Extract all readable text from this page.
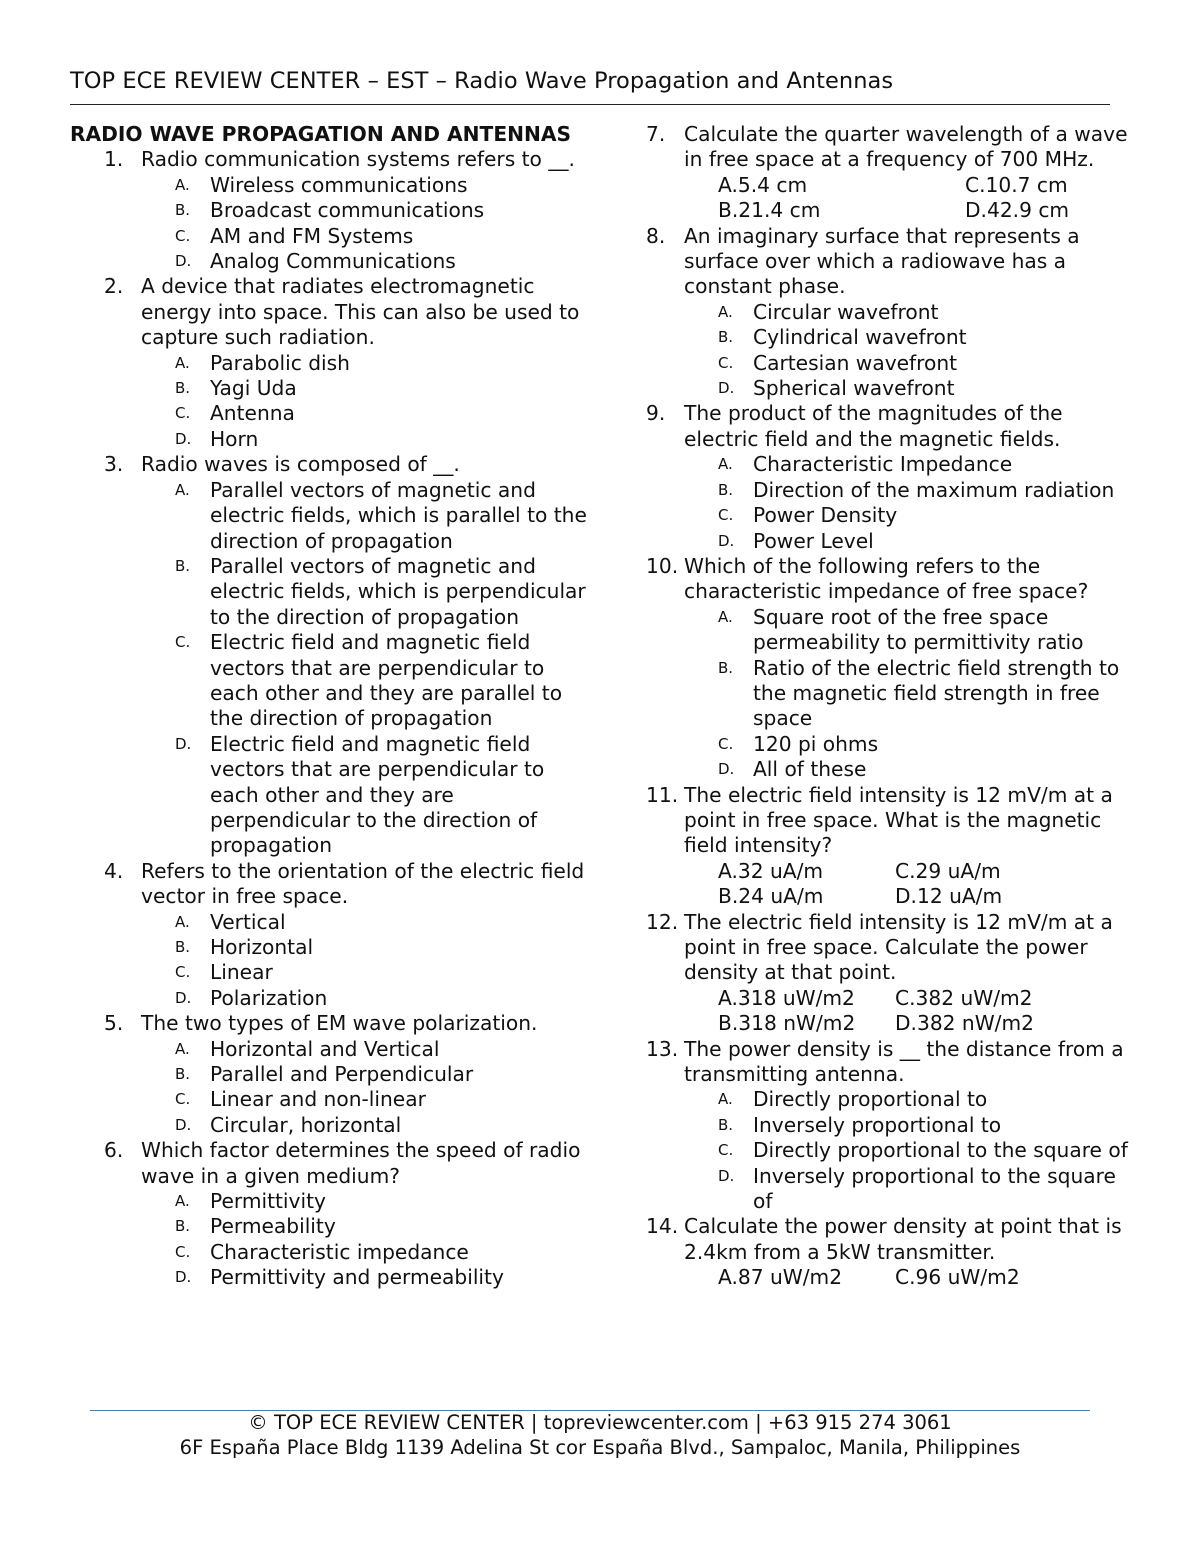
TOP ECE REVIEW CENTER – EST – Radio Wave Propagation and Antennas
RADIO WAVE PROPAGATION AND ANTENNAS
1. Radio communication systems refers to __.
A.	Wireless communications
B. Broadcast communications
C. AM and FM Systems
D. Analog Communications
2. A device that radiates electromagnetic energy into space. This can also be used to capture such radiation.
A.	Parabolic dish
B. Yagi Uda
C. Antenna
D. Horn
3. Radio waves is composed of __.
A.	Parallel vectors of magnetic and electric fields, which is parallel to the direction of propagation
B. Parallel vectors of magnetic and electric fields, which is perpendicular to the direction of propagation
C. Electric field and magnetic field vectors that are perpendicular to each other and they are parallel to the direction of propagation
D. Electric field and magnetic field vectors that are perpendicular to each other and they are perpendicular to the direction of propagation
4. Refers to the orientation of the electric field vector in free space.
A.	Vertical
B. Horizontal
C. Linear
D. Polarization
5. The two types of EM wave polarization.
A.	Horizontal and Vertical
B. Parallel and Perpendicular
C. Linear and non-linear
D. Circular, horizontal
6. Which factor determines the speed of radio wave in a given medium?
A.	Permittivity
B. Permeability
C. Characteristic impedance
D. Permittivity and permeability
7. Calculate the quarter wavelength of a wave in free space at a frequency of 700 MHz.
A. 5.4 cm	C. 10.7 cm
B. 21.4 cm	D. 42.9 cm
8. An imaginary surface that represents a surface over which a radiowave has a constant phase.
A.	Circular wavefront
B. Cylindrical wavefront
C. Cartesian wavefront
D. Spherical wavefront
9. The product of the magnitudes of the electric field and the magnetic fields.
A.	Characteristic Impedance
B. Direction of the maximum radiation
C. Power Density
D. Power Level
10. Which of the following refers to the characteristic impedance of free space?
A.	Square root of the free space permeability to permittivity ratio
B. Ratio of the electric field strength to the magnetic field strength in free space
C. 120 pi ohms
D. All of these
11. The electric field intensity is 12 mV/m at a point in free space. What is the magnetic field intensity?
A. 32 uA/m	C. 29 uA/m
B. 24 uA/m	D. 12 uA/m
12. The electric field intensity is 12 mV/m at a point in free space. Calculate the power density at that point.
A. 318 uW/m2 C. 382 uW/m2
B. 318 nW/m2 D. 382 nW/m2
13. The power density is __ the distance from a transmitting antenna.
A.	Directly proportional to
B. Inversely proportional to
C. Directly proportional to the square of
D. Inversely proportional to the square of
14. Calculate the power density at point that is 2.4km from a 5kW transmitter.
A. 87 uW/m2	C. 96 uW/m2
© TOP ECE REVIEW CENTER | topreviewcenter.com | +63 915 274 3061
6F España Place Bldg 1139 Adelina St cor España Blvd., Sampaloc, Manila, Philippines
